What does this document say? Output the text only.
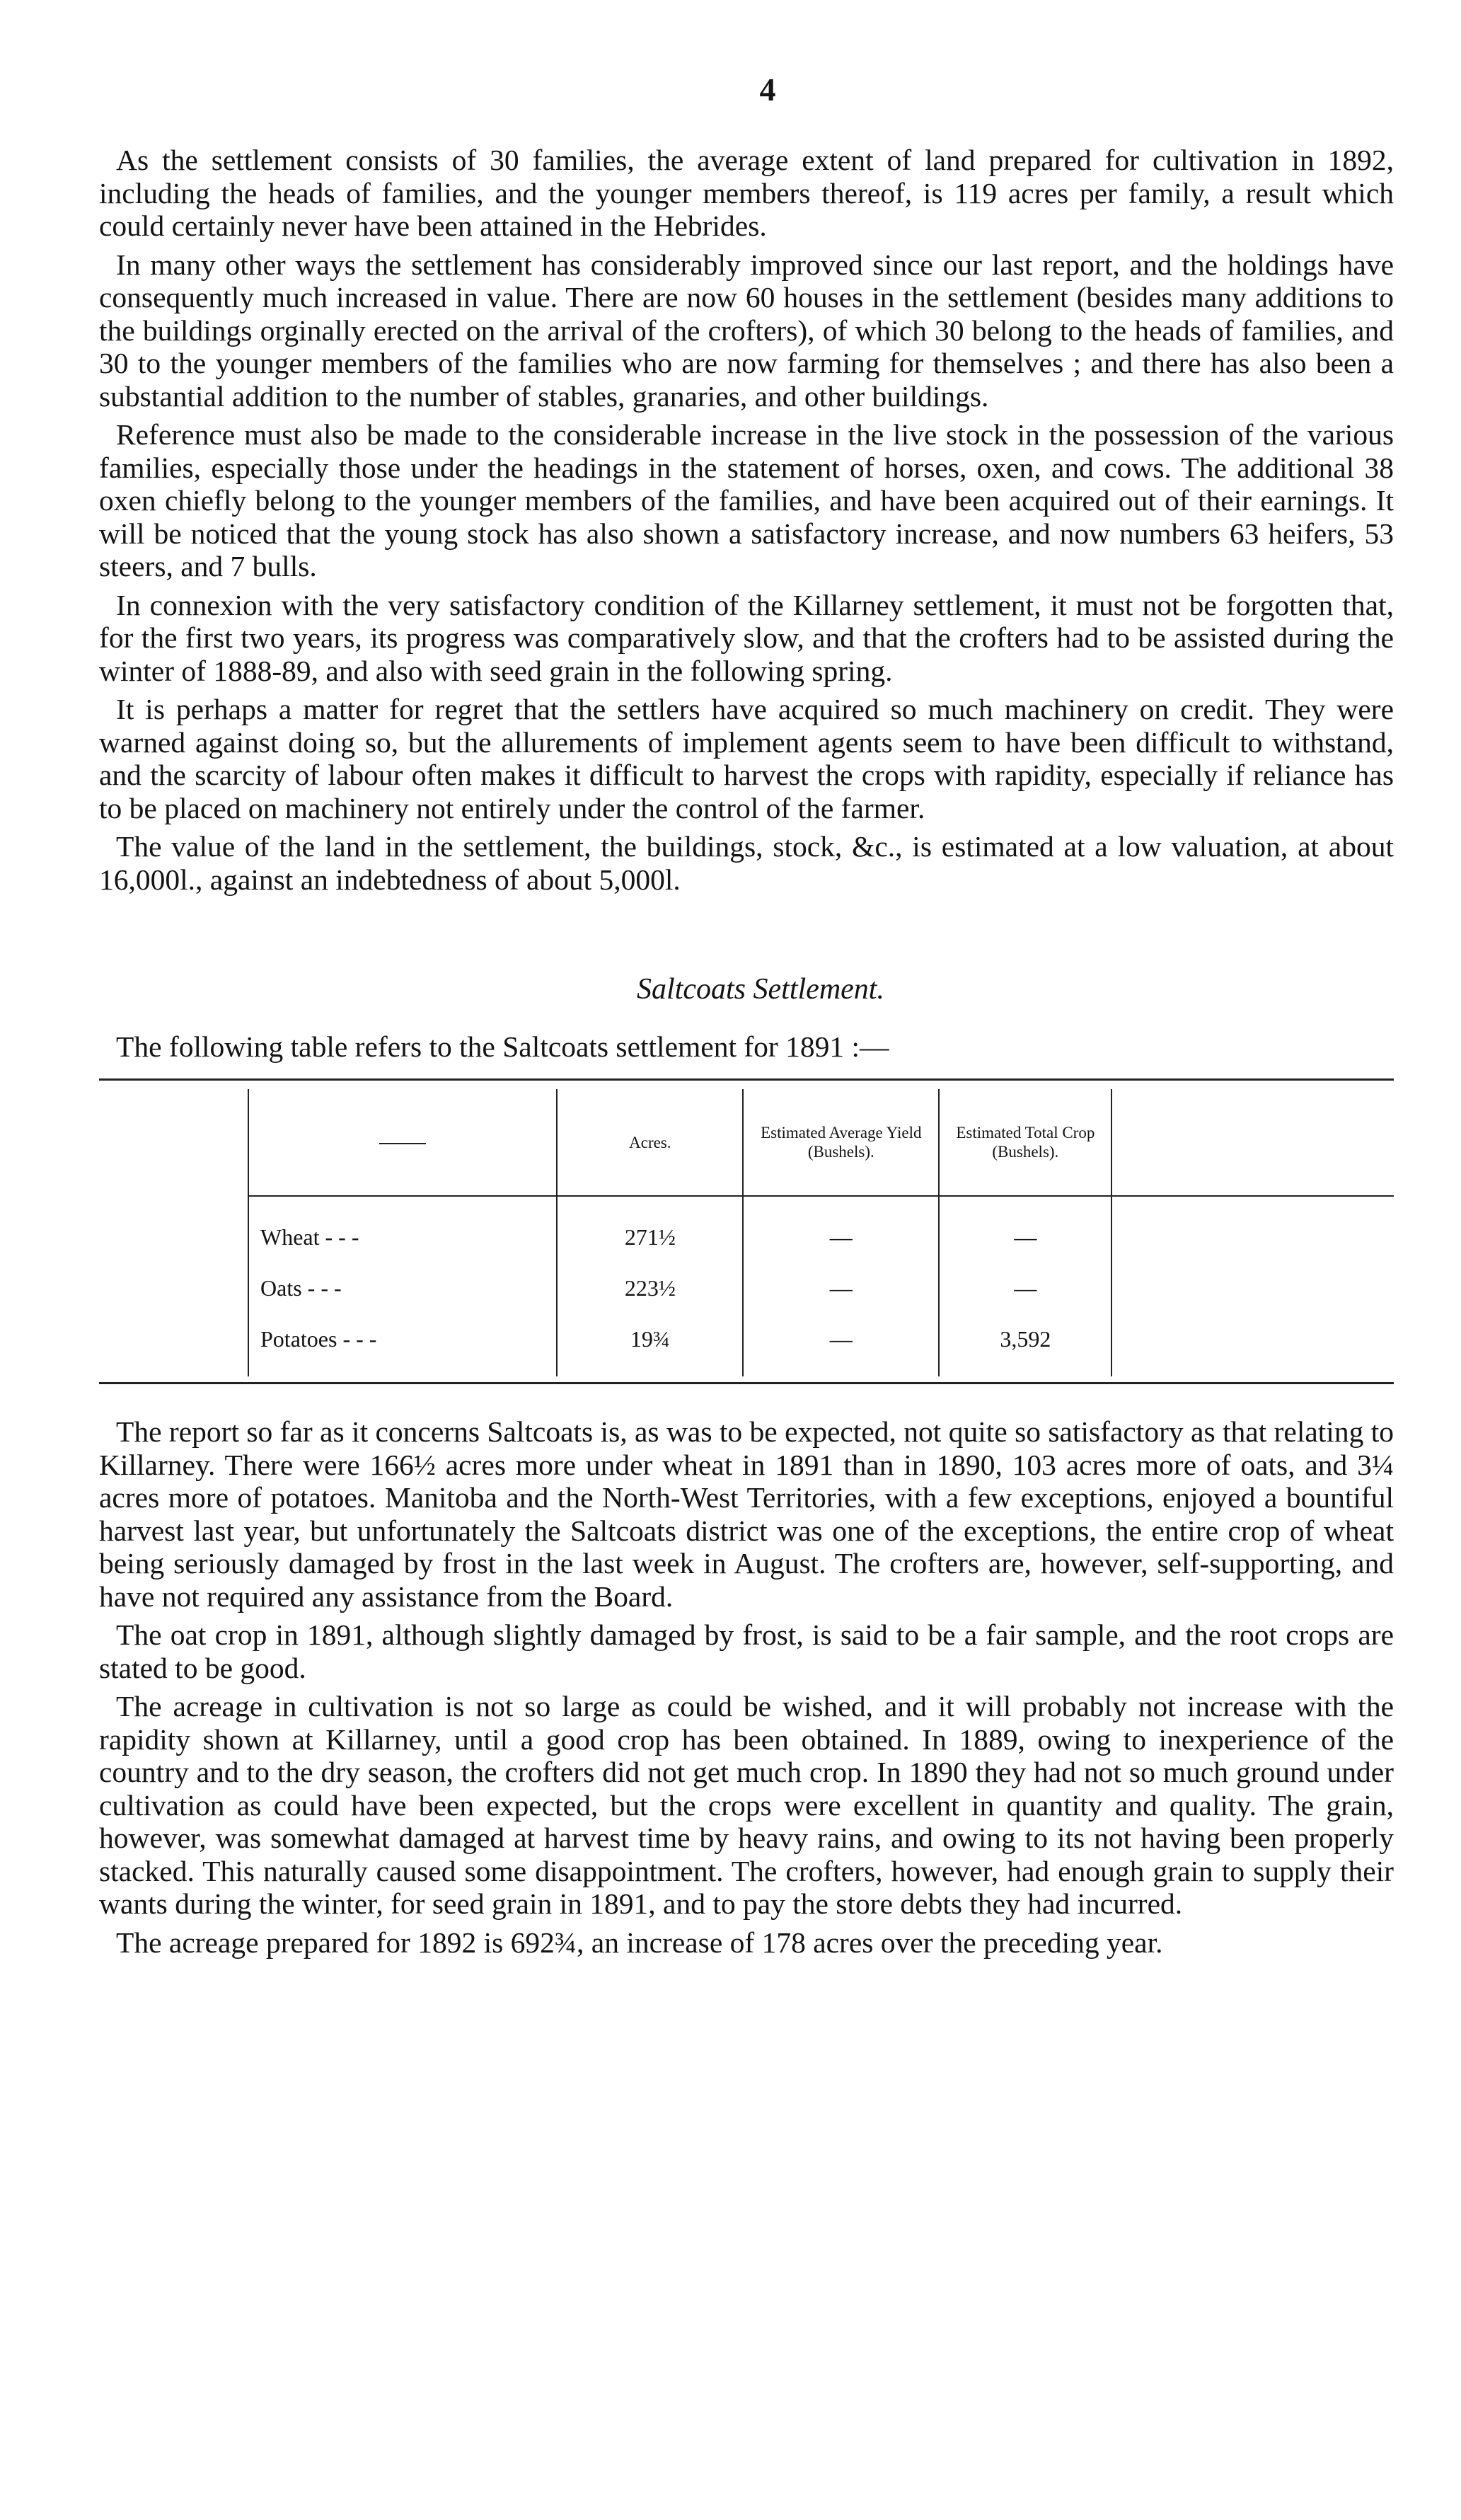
4

As the settlement consists of 30 families, the average extent of land prepared for cultivation in 1892, including the heads of families, and the younger members thereof, is 119 acres per family, a result which could certainly never have been attained in the Hebrides.

In many other ways the settlement has considerably improved since our last report, and the holdings have consequently much increased in value. There are now 60 houses in the settlement (besides many additions to the buildings orginally erected on the arrival of the crofters), of which 30 belong to the heads of families, and 30 to the younger members of the families who are now farming for themselves ; and there has also been a substantial addition to the number of stables, granaries, and other buildings.

Reference must also be made to the considerable increase in the live stock in the possession of the various families, especially those under the headings in the statement of horses, oxen, and cows. The additional 38 oxen chiefly belong to the younger members of the families, and have been acquired out of their earnings. It will be noticed that the young stock has also shown a satisfactory increase, and now numbers 63 heifers, 53 steers, and 7 bulls.

In connexion with the very satisfactory condition of the Killarney settlement, it must not be forgotten that, for the first two years, its progress was comparatively slow, and that the crofters had to be assisted during the winter of 1888-89, and also with seed grain in the following spring.

It is perhaps a matter for regret that the settlers have acquired so much machinery on credit. They were warned against doing so, but the allurements of implement agents seem to have been difficult to withstand, and the scarcity of labour often makes it difficult to harvest the crops with rapidity, especially if reliance has to be placed on machinery not entirely under the control of the farmer.

The value of the land in the settlement, the buildings, stock, &c., is estimated at a low valuation, at about 16,000l., against an indebtedness of about 5,000l.

Saltcoats Settlement.

The following table refers to the Saltcoats settlement for 1891 :—

	Acres.	Estimated Average Yield (Bushels).	Estimated Total Crop (Bushels).	
Wheat - - -	271½	—	—	
Oats - - -	223½	—	—	
Potatoes - - -	19¾	—	3,592	

The report so far as it concerns Saltcoats is, as was to be expected, not quite so satisfactory as that relating to Killarney. There were 166½ acres more under wheat in 1891 than in 1890, 103 acres more of oats, and 3¼ acres more of potatoes. Manitoba and the North-West Territories, with a few exceptions, enjoyed a bountiful harvest last year, but unfortunately the Saltcoats district was one of the exceptions, the entire crop of wheat being seriously damaged by frost in the last week in August. The crofters are, however, self-supporting, and have not required any assistance from the Board.

The oat crop in 1891, although slightly damaged by frost, is said to be a fair sample, and the root crops are stated to be good.

The acreage in cultivation is not so large as could be wished, and it will probably not increase with the rapidity shown at Killarney, until a good crop has been obtained. In 1889, owing to inexperience of the country and to the dry season, the crofters did not get much crop. In 1890 they had not so much ground under cultivation as could have been expected, but the crops were excellent in quantity and quality. The grain, however, was somewhat damaged at harvest time by heavy rains, and owing to its not having been properly stacked. This naturally caused some disappointment. The crofters, however, had enough grain to supply their wants during the winter, for seed grain in 1891, and to pay the store debts they had incurred.

The acreage prepared for 1892 is 692¾, an increase of 178 acres over the preceding year.
